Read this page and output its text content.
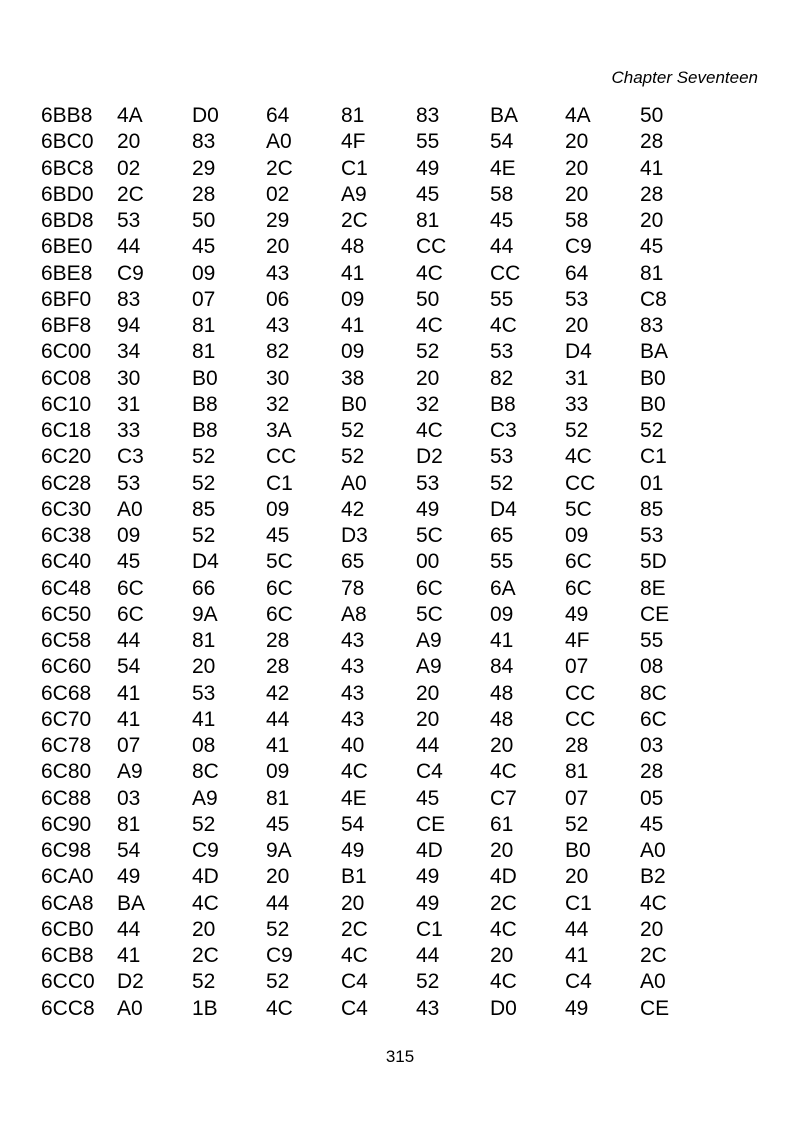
Chapter Seventeen
6BB8 4A D0 64 81 83 BA 4A 50
6BC0 20 83 A0 4F 55 54 20 28
6BC8 02 29 2C C1 49 4E 20 41
6BD0 2C 28 02 A9 45 58 20 28
6BD8 53 50 29 2C 81 45 58 20
6BE0 44 45 20 48 CC 44 C9 45
6BE8 C9 09 43 41 4C CC 64 81
6BF0 83 07 06 09 50 55 53 C8
6BF8 94 81 43 41 4C 4C 20 83
6C00 34 81 82 09 52 53 D4 BA
6C08 30 B0 30 38 20 82 31 B0
6C10 31 B8 32 B0 32 B8 33 B0
6C18 33 B8 3A 52 4C C3 52 52
6C20 C3 52 CC 52 D2 53 4C C1
6C28 53 52 C1 A0 53 52 CC 01
6C30 A0 85 09 42 49 D4 5C 85
6C38 09 52 45 D3 5C 65 09 53
6C40 45 D4 5C 65 00 55 6C 5D
6C48 6C 66 6C 78 6C 6A 6C 8E
6C50 6C 9A 6C A8 5C 09 49 CE
6C58 44 81 28 43 A9 41 4F 55
6C60 54 20 28 43 A9 84 07 08
6C68 41 53 42 43 20 48 CC 8C
6C70 41 41 44 43 20 48 CC 6C
6C78 07 08 41 40 44 20 28 03
6C80 A9 8C 09 4C C4 4C 81 28
6C88 03 A9 81 4E 45 C7 07 05
6C90 81 52 45 54 CE 61 52 45
6C98 54 C9 9A 49 4D 20 B0 A0
6CA0 49 4D 20 B1 49 4D 20 B2
6CA8 BA 4C 44 20 49 2C C1 4C
6CB0 44 20 52 2C C1 4C 44 20
6CB8 41 2C C9 4C 44 20 41 2C
6CC0 D2 52 52 C4 52 4C C4 A0
6CC8 A0 1B 4C C4 43 D0 49 CE
315
